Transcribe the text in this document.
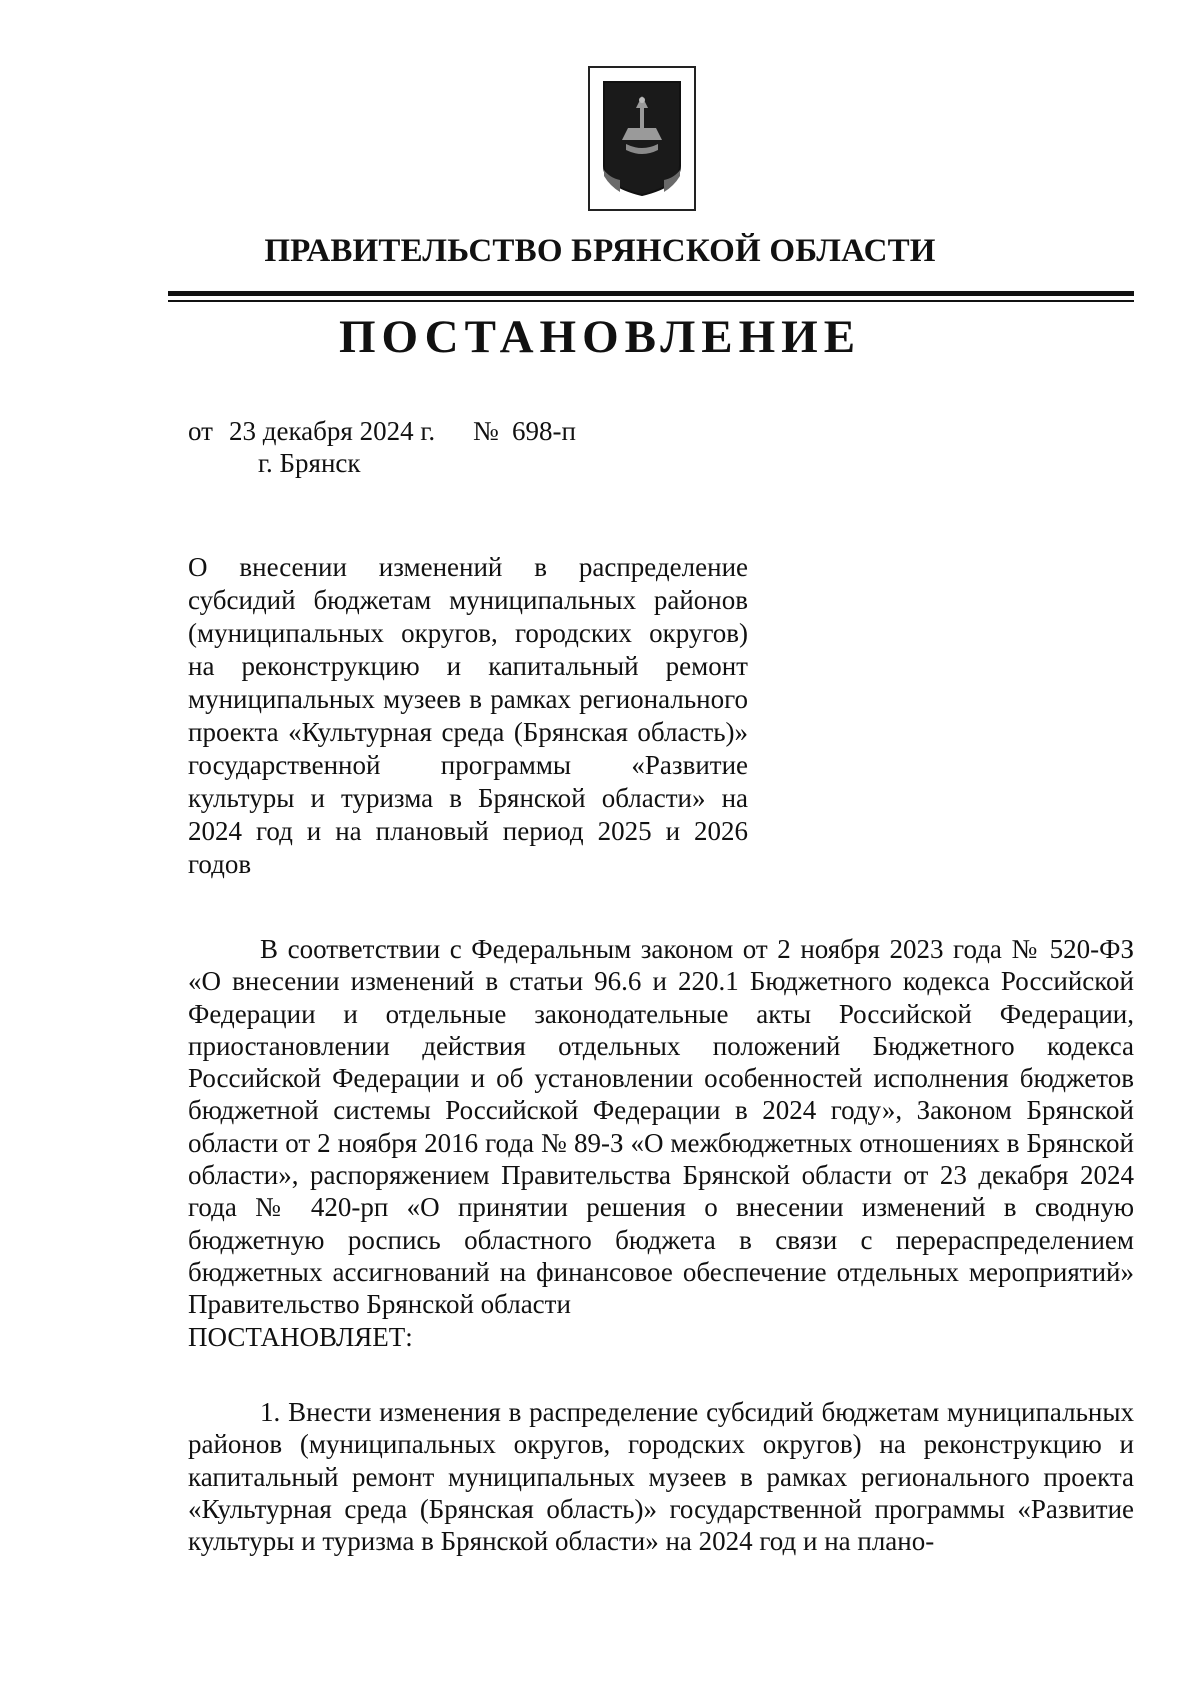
ПРАВИТЕЛЬСТВО БРЯНСКОЙ ОБЛАСТИ
ПОСТАНОВЛЕНИЕ
от 23 декабря 2024 г. № 698-п
г. Брянск
О внесении изменений в распределение субсидий бюджетам муниципальных районов (муниципальных округов, городских округов) на реконструкцию и капитальный ремонт муниципальных музеев в рамках регионального проекта «Культурная среда (Брянская область)» государственной программы «Развитие культуры и туризма в Брянской области» на 2024 год и на плановый период 2025 и 2026 годов

В соответствии с Федеральным законом от 2 ноября 2023 года № 520-ФЗ «О внесении изменений в статьи 96.6 и 220.1 Бюджетного кодекса Российской Федерации и отдельные законодательные акты Российской Федерации, приостановлении действия отдельных положений Бюджетного кодекса Российской Федерации и об установлении особенностей исполнения бюджетов бюджетной системы Российской Федерации в 2024 году», Законом Брянской области от 2 ноября 2016 года № 89-З «О межбюджетных отношениях в Брянской области», распоряжением Правительства Брянской области от 23 декабря 2024 года № 420-рп «О принятии решения о внесении изменений в сводную бюджетную роспись областного бюджета в связи с перераспределением бюджетных ассигнований на финансовое обеспечение отдельных мероприятий» Правительство Брянской области

ПОСТАНОВЛЯЕТ:

1. Внести изменения в распределение субсидий бюджетам муниципальных районов (муниципальных округов, городских округов) на реконструкцию и капитальный ремонт муниципальных музеев в рамках регионального проекта «Культурная среда (Брянская область)» государственной программы «Развитие культуры и туризма в Брянской области» на 2024 год и на плано-
